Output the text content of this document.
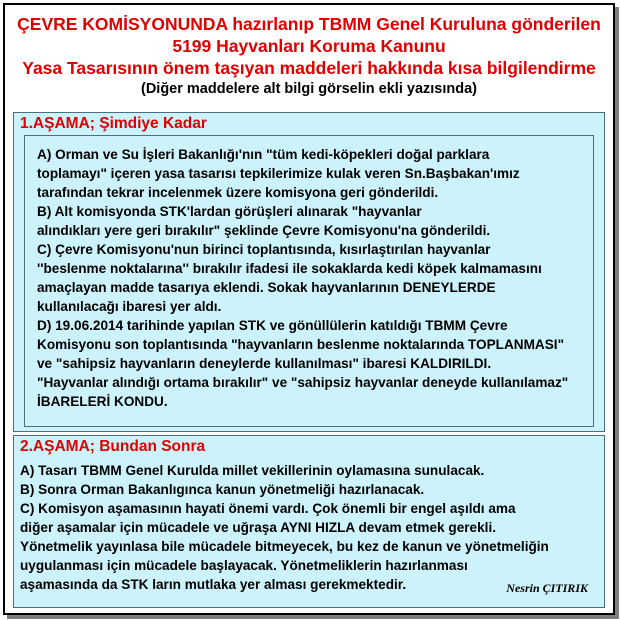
ÇEVRE KOMİSYONUNDA hazırlanıp TBMM Genel Kuruluna gönderilen
5199 Hayvanları Koruma Kanunu
Yasa Tasarısının önem taşıyan maddeleri hakkında kısa bilgilendirme
(Diğer maddelere alt bilgi görselin ekli yazısında)
1.AŞAMA; Şimdiye Kadar
A) Orman ve Su İşleri Bakanlığı'nın "tüm kedi-köpekleri doğal parklara
toplamayı" içeren yasa tasarısı tepkilerimize kulak veren Sn.Başbakan'ımız
tarafından tekrar incelenmek üzere komisyona geri gönderildi.
B) Alt komisyonda STK'lardan görüşleri alınarak "hayvanlar
alındıkları yere geri bırakılır" şeklinde Çevre Komisyonu'na gönderildi.
C) Çevre Komisyonu'nun birinci toplantısında, kısırlaştırılan hayvanlar
''beslenme noktalarına'' bırakılır ifadesi ile sokaklarda kedi köpek kalmamasını
amaçlayan madde tasarıya eklendi. Sokak hayvanlarının DENEYLERDE
kullanılacağı ibaresi yer aldı.
D) 19.06.2014 tarihinde yapılan STK ve gönüllülerin katıldığı TBMM Çevre
Komisyonu son toplantısında "hayvanların beslenme noktalarında TOPLANMASI"
ve "sahipsiz hayvanların deneylerde kullanılması" ibaresi KALDIRILDI.
"Hayvanlar alındığı ortama bırakılır" ve "sahipsiz hayvanlar deneyde kullanılamaz"
İBARELERİ KONDU.
2.AŞAMA; Bundan Sonra
A) Tasarı TBMM Genel Kurulda millet vekillerinin oylamasına sunulacak.
B) Sonra Orman Bakanlıgınca kanun yönetmeliği hazırlanacak.
C) Komisyon aşamasının hayati önemi vardı. Çok önemli bir engel aşıldı ama
diğer aşamalar için mücadele ve uğraşa AYNI HIZLA devam etmek gerekli.
Yönetmelik yayınlasa bile mücadele bitmeyecek, bu kez de kanun ve yönetmeliğin
uygulanması için mücadele başlayacak. Yönetmeliklerin hazırlanması
aşamasında da STK ların mutlaka yer alması gerekmektedir.	Nesrin ÇITIRIK
